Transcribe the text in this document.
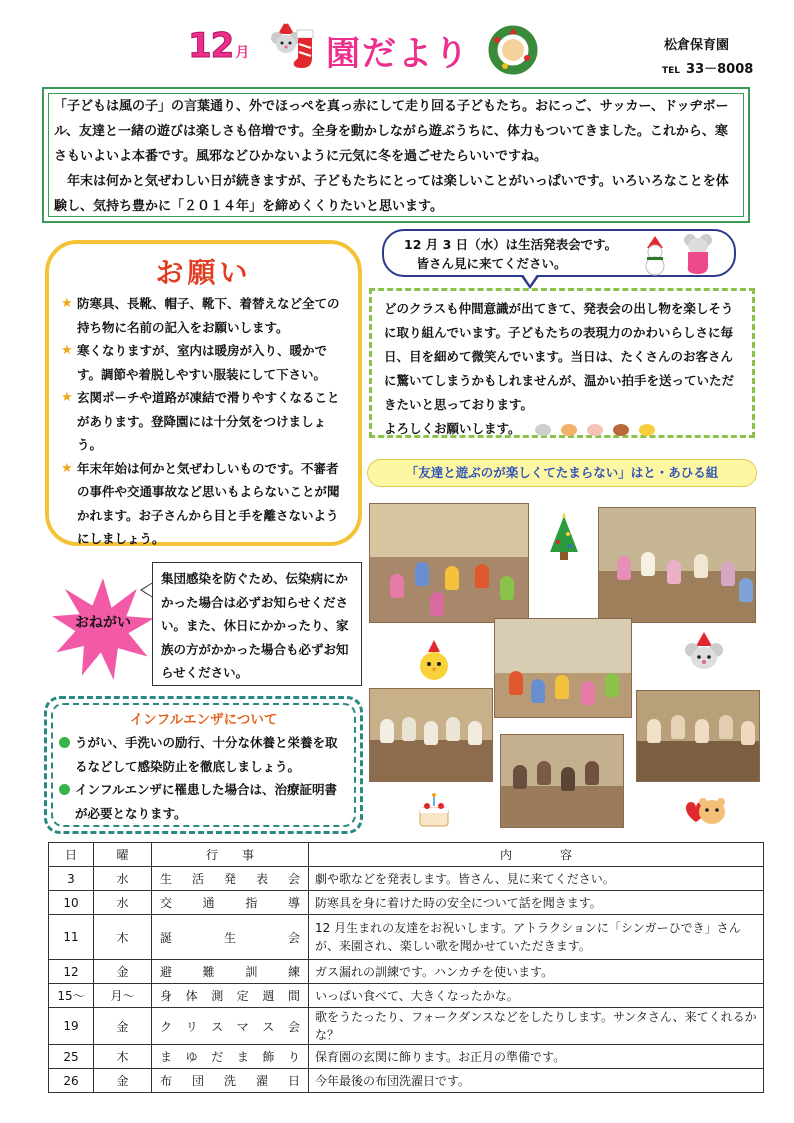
12 月 園だより	松倉保育園
TEL 33－8008

「子どもは風の子」の言葉通り、外でほっぺを真っ赤にして走り回る子どもたち。おにっご、サッカー、ドッヂボール、友達と一緒の遊びは楽しさも倍増です。全身を動かしながら遊ぶうちに、体力もついてきました。これから、寒さもいよいよ本番です。風邪などひかないように元気に冬を過ごせたらいいですね。

年末は何かと気ぜわしい日が続きますが、子どもたちにとっては楽しいことがいっぱいです。いろいろなことを体験し、気持ち豊かに「２０１４年」を締めくくりたいと思います。

お願い
★ 防寒具、長靴、帽子、靴下、着替えなど全ての持ち物に名前の記入をお願いします。
★ 寒くなりますが、室内は暖房が入り、暖かです。調節や着脱しやすい服装にして下さい。
★ 玄関ポーチや道路が凍結で滑りやすくなることがあります。登降園には十分気をつけましょう。
★ 年末年始は何かと気ぜわしいものです。不審者の事件や交通事故など思いもよらないことが聞かれます。お子さんから目と手を離さないようにしましょう。

12 月 3 日（水）は生活発表会です。

皆さん見に来てください。

どのクラスも仲間意識が出てきて、発表会の出し物を楽しそうに取り組んでいます。子どもたちの表現力のかわいらしさに毎日、目を細めて微笑んでいます。当日は、たくさんのお客さんに驚いてしまうかもしれませんが、温かい拍手を送っていただきたいと思っております。

よろしくお願いします。

「友達と遊ぶのが楽しくてたまらない」はと・あひる組
おねがい

集団感染を防ぐため、伝染病にかかった場合は必ずお知らせください。また、休日にかかったり、家族の方がかかった場合も必ずお知らせください。

インフルエンザについて
うがい、手洗いの励行、十分な休養と栄養を取るなどして感染防止を徹底しましょう。
インフルエンザに罹患した場合は、治療証明書が必要となります。
日	曜	行　　事	内　　　　容
3	水	生活発表会	劇や歌などを発表します。皆さん、見に来てください。
10	水	交通指導	防寒具を身に着けた時の安全について話を聞きます。
11	木	誕生会	12 月生まれの友達をお祝いします。アトラクションに「シンガーひでき」さんが、来園され、楽しい歌を聞かせていただきます。
12	金	避難訓練	ガス漏れの訓練です。ハンカチを使います。
15～	月～	身体測定週間	いっぱい食べて、大きくなったかな。
19	金	クリスマス会	歌をうたったり、フォークダンスなどをしたりします。サンタさん、来てくれるかな？
25	木	まゆだま飾り	保育園の玄関に飾ります。お正月の準備です。
26	金	布団洗濯日	今年最後の布団洗濯日です。
